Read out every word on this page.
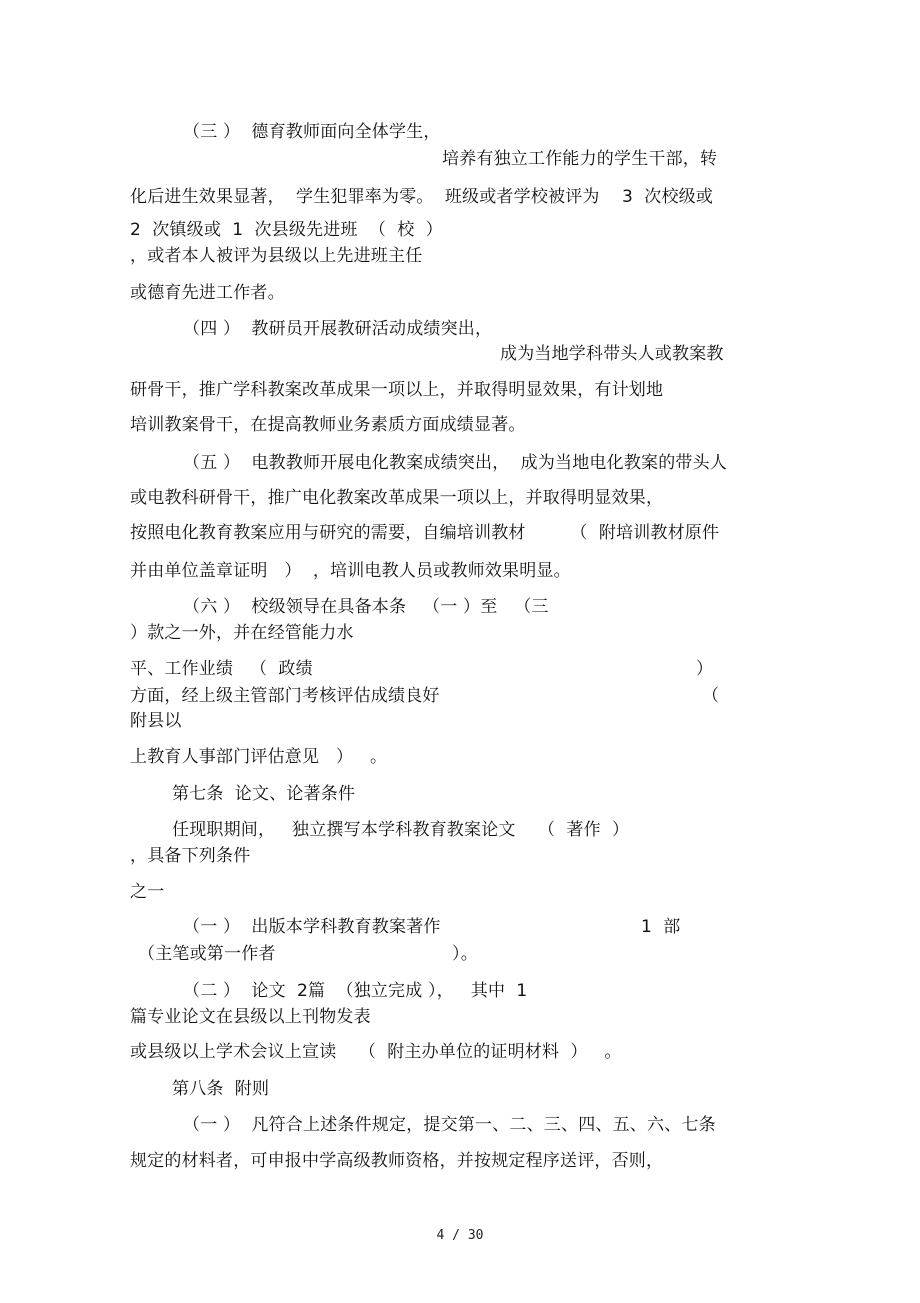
（三 ）  德育教师面向全体学生，
培养有独立工作能力的学生干部，转
化后进生效果显著，  学生犯罪率为零。  班级或者学校被评为    3  次校级或
2  次镇级或  1  次县级先进班  （  校  ）
，或者本人被评为县级以上先进班主任
或德育先进工作者。
（四 ）  教研员开展教研活动成绩突出，
成为当地学科带头人或教案教
研骨干，推广学科教案改革成果一项以上，并取得明显效果，有计划地
培训教案骨干，在提高教师业务素质方面成绩显著。
（五 ）  电教教师开展电化教案成绩突出，  成为当地电化教案的带头人
或电教科研骨干，推广电化教案改革成果一项以上，并取得明显效果，
按照电化教育教案应用与研究的需要，自编培训教材        （  附培训教材原件
并由单位盖章证明   ）  ，培训电教人员或教师效果明显。
（六 ）  校级领导在具备本条   （一 ）至   （三
）款之一外，并在经管能力水
平、工作业绩   （  政绩	）
方面，经上级主管部门考核评估成绩良好	（
附县以
上教育人事部门评估意见   ）   。
第七条  论文、论著条件
任现职期间，   独立撰写本学科教育教案论文    （  著作  ）
，具备下列条件
之一
（一 ）  出版本学科教育教案著作	1  部
（主笔或第一作者	）。
（二 ）  论文  2篇  （独立完成 ），   其中  1
篇专业论文在县级以上刊物发表
或县级以上学术会议上宣读    （  附主办单位的证明材料  ）   。
第八条  附则
（一 ）  凡符合上述条件规定，提交第一、二、三、四、五、六、七条
规定的材料者，可申报中学高级教师资格，并按规定程序送评，否则，
4 / 30
